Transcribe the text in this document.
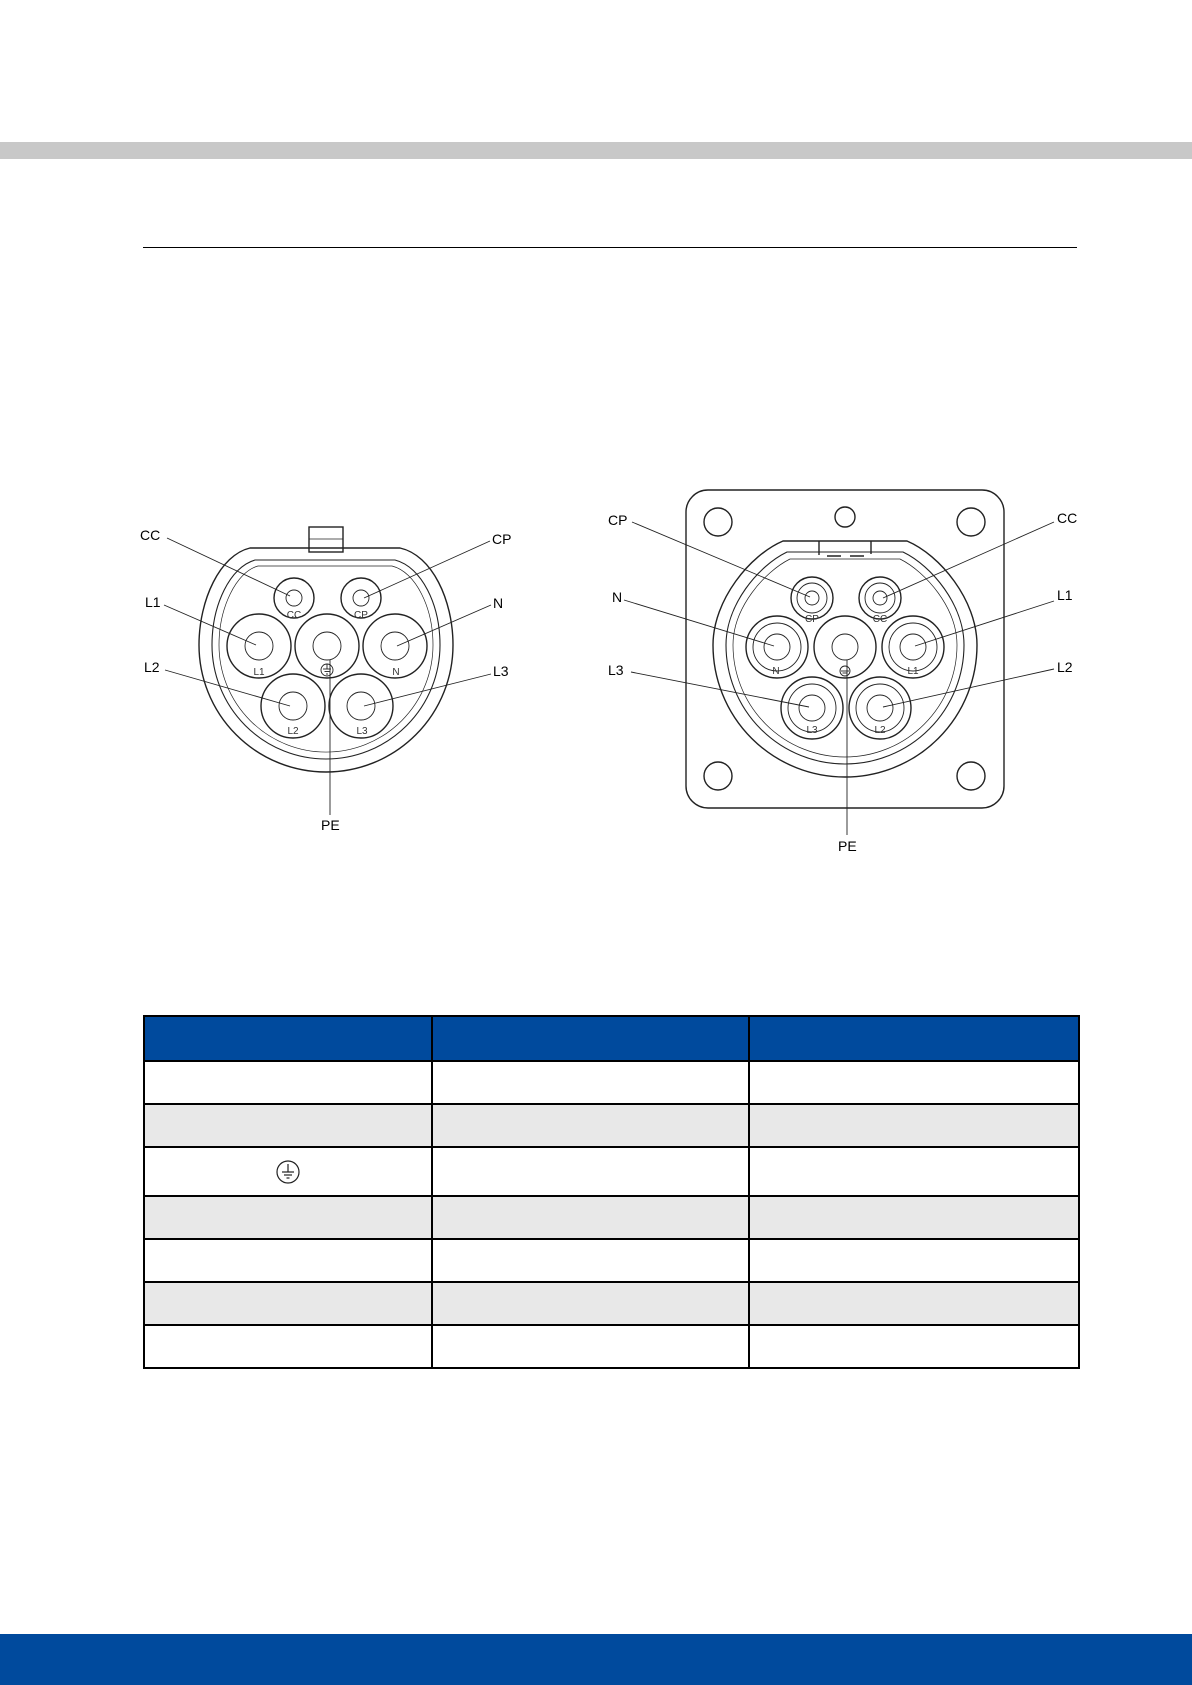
CC	CP
L1	N
L2	L3
CC	CP
L1	N
L2	L3
PE
CP	CC
N	L1
L3	L2
CP	CC
N	L1
L3	L2
PE
